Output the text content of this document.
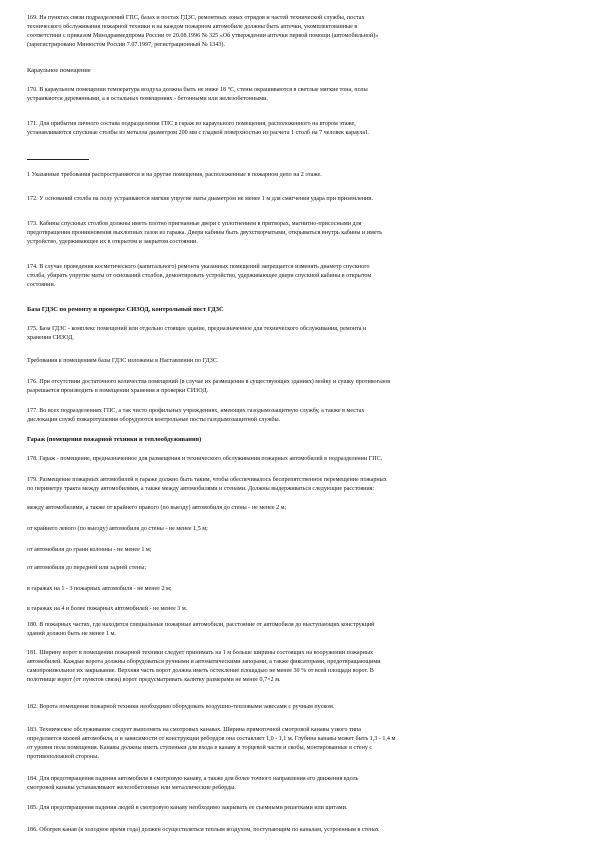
169. На пунктах связи подразделений ГПС, базах и постах ГДЗС, ремонтных зонах отрядов и частей технической службы, постах
технического обслуживания пожарной техники и на каждом пожарном автомобиле должны быть аптечки, укомплектованные в
соответствии с приказом Минздравмедпрома России от 20.08.1996 № 325 «Об утверждении аптечки первой помощи (автомобильной)»
(зарегистрировано Минюстом России 7.07.1997, регистрационный № 1343).
Караульное помещение
170. В караульном помещении температура воздуха должна быть не ниже 18 °С, стены окрашиваются в светлые мягкие тона, полы
устраиваются деревянными, а в остальных помещениях - бетонными или железобетонными.
171. Для прибытия личного состава подразделения ГПС в гараж из караульного помещения, расположенного на втором этаже,
устанавливаются спускные столбы из металла диаметром 200 мм с гладкой поверхностью из расчета 1 столб на 7 человек караула1.
1 Указанные требования распространяются и на другие помещения, расположенные в пожарном депо на 2 этаже.
172. У оснований столба на полу устраиваются мягкие упругие маты диаметром не менее 1 м для смягчения удара при приземлении.
173. Кабины спускных столбов должны иметь плотно пригнанные двери с уплотнением в притворах, магнитно-присосными для
предотвращения проникновения выхлопных газов из гаража. Двери кабины быть двухстворчатыми, открываться внутрь кабины и иметь
устройство, удерживающее их в открытом и закрытом состоянии.
174. В случае проведения косметического (капитального) ремонта указанных помещений запрещается изменять диаметр спускного
столба, убирать упругие маты от оснований столбов, демонтировать устройство, удерживающее двери спускной кабины в открытом
состоянии.
База ГДЗС по ремонту и проверке СИЗОД, контрольный пост ГДЗС
175. База ГДЗС - комплекс помещений или отдельно стоящее здание, предназначенное для технического обслуживания, ремонта и
хранения СИЗОД.
Требования к помещениям базы ГДЗС изложены в Наставлении по ГДЗС.
176. При отсутствии достаточного количества помещений (в случае их размещения в существующих зданиях) мойку и сушку противогазов
разрешается производить в помещении хранения и проверки СИЗОД.
177. Во всех подразделениях ГПС, а так чисто профильных учреждениях, имеющих газодымозащитную службу, а также в местах
дислокации служб пожаротушения оборудуются контрольные посты газодымозащитной службы.
Гараж (помещения пожарной техники и теплообдуживания)
178. Гараж - помещение, предназначенное для размещения и технического обслуживания пожарных автомобилей в подразделении ГПС.
179. Размещение пожарных автомобилей в гараже должно быть таким, чтобы обеспечивалось беспрепятственное перемещение пожарных
по периметру тракта между автомобилями, а также между автомобилями и стенами. Должны выдерживаться следующие расстояния:
между автомобилями, а также от крайнего правого (по выезду) автомобиля до стены - не менее 2 м;
от крайнего левого (по выезду) автомобиля до стены - не менее 1,5 м;
от автомобиля до грани колонны - не менее 1 м;
от автомобиля до передней или задней стены;
в гаражах на 1 - 3 пожарных автомобиля - не менее 2 м;
в гаражах на 4 и более пожарных автомобилей - не менее 3 м.
180. В пожарных частях, где находятся специальные пожарные автомобили, расстояние от автомобиля до выступающих конструкций
зданий должно быть не менее 1 м.
181. Ширину ворот в помещении пожарной техники следует принимать на 1 м больше ширины состоящих на вооружении пожарных
автомобилей. Каждые ворота должны оборудоваться ручными и автоматическими запорами, а также фиксаторами, предотвращающими
самопроизвольное их закрывание. Верхняя часть ворот должна иметь остекление площадью не менее 30 % от всей площади ворот. В
полотнище ворот (от пунктов связи) ворот предусматривать калитку размерами не менее 0,7×2 м.
182. Ворота помещения пожарной техники необходимо оборудовать воздушно-тепловыми завесами с ручным пуском.
183. Техническое обслуживание следует выполнять на смотровых канавах. Ширина прямоточной смотровой канавы узкого типа
определяется колеей автомобиля, и в зависимости от конструкции ребордов она составляет 1,0 - 1,1 м. Глубина канавы может быть 1,3 - 1,4 м
от уровня пола помещения. Канавы должны иметь ступеньки для входа в канаву в торцевой части и скобы, монтированные в стену с
противоположной стороны.
184. Для предотвращения падения автомобиля в смотровую канаву, а также для более точного направления его движения вдоль
смотровой канавы устанавливают железобетонные или металлические реборды.
185. Для предотвращения падения людей в смотровую канаву необходимо закрывать ее съемными решетками или щитами.
186. Обогрев канав (в холодное время года) должен осуществляться теплым воздухом, поступающим по каналам, устроенным в стенах
